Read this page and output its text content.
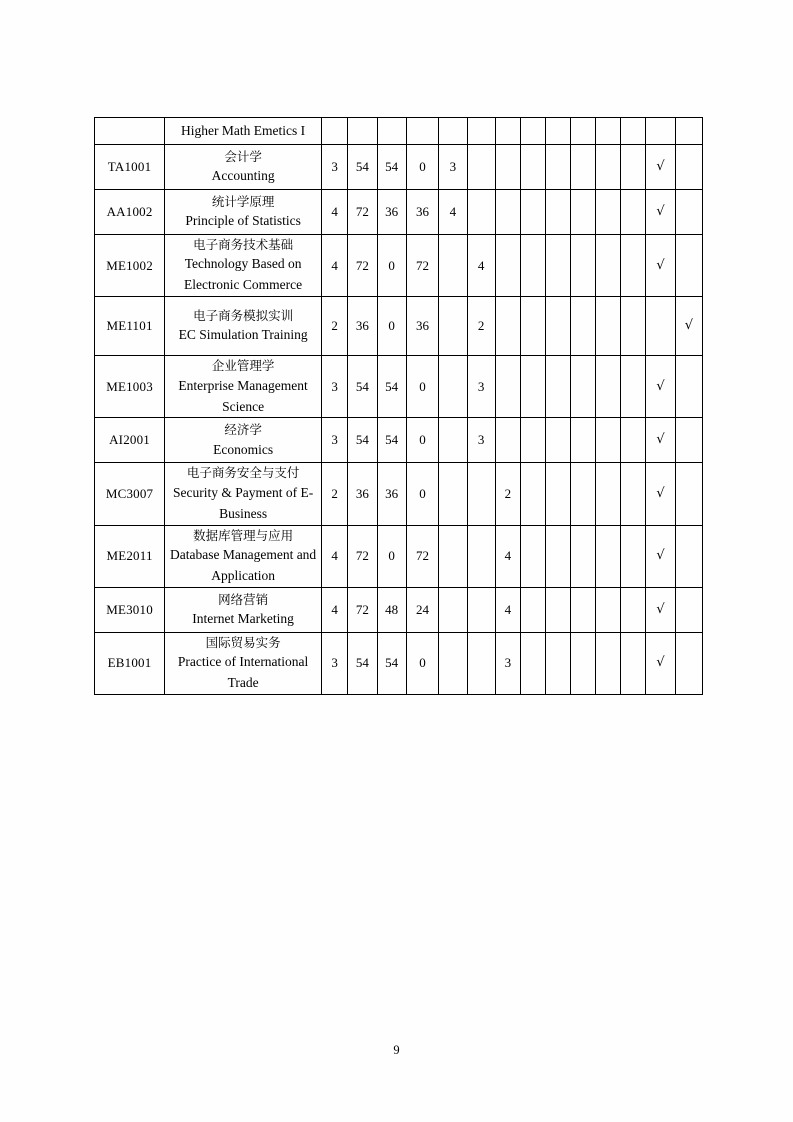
	Higher Math Emetics I														

TA1001	会计学
Accounting	3	54	54	0	3								√	
AA1002	统计学原理
Principle of Statistics	4	72	36	36	4								√	
ME1002	电子商务技术基础
Technology Based on Electronic Commerce	4	72	0	72		4							√	
ME1101	电子商务模拟实训
EC Simulation Training	2	36	0	36		2								√
ME1003	企业管理学
Enterprise Management Science	3	54	54	0		3							√	
AI2001	经济学
Economics	3	54	54	0		3							√	
MC3007	电子商务安全与支付
Security & Payment of E-Business	2	36	36	0			2						√	
ME2011	数据库管理与应用
Database Management and Application	4	72	0	72			4						√	
ME3010	网络营销
Internet Marketing	4	72	48	24			4						√	
EB1001	国际贸易实务
Practice of International Trade	3	54	54	0			3						√	
9
